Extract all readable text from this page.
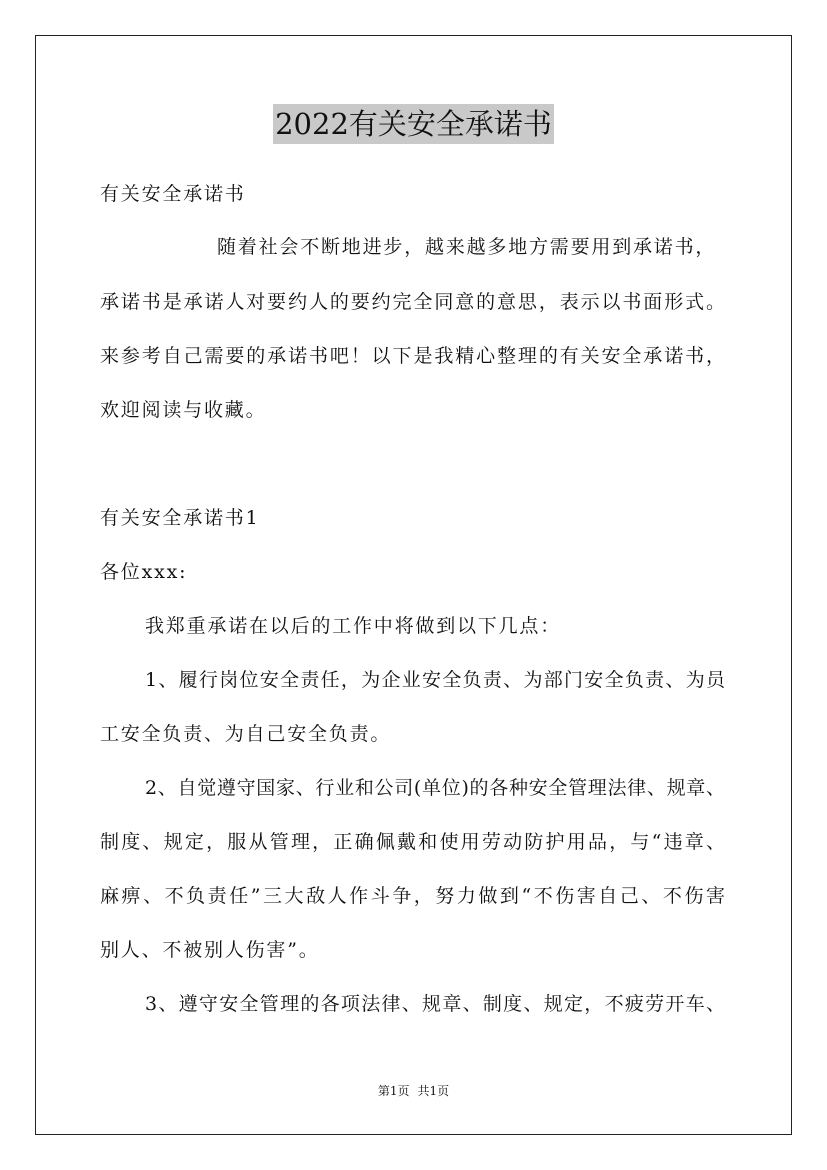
2022有关安全承诺书
有关安全承诺书
随着社会不断地进步，越来越多地方需要用到承诺书，
承诺书是承诺人对要约人的要约完全同意的意思，表示以书面形式。
来参考自己需要的承诺书吧！以下是我精心整理的有关安全承诺书，
欢迎阅读与收藏。
有关安全承诺书1
各位xxx:
我郑重承诺在以后的工作中将做到以下几点：
1、履行岗位安全责任，为企业安全负责、为部门安全负责、为员
工安全负责、为自己安全负责。
2、自觉遵守国家、行业和公司(单位)的各种安全管理法律、规章、
制度、规定，服从管理，正确佩戴和使用劳动防护用品，与“违章、
麻痹、不负责任”三大敌人作斗争，努力做到“不伤害自己、不伤害
别人、不被别人伤害”。
3、遵守安全管理的各项法律、规章、制度、规定，不疲劳开车、
第1页 共1页
